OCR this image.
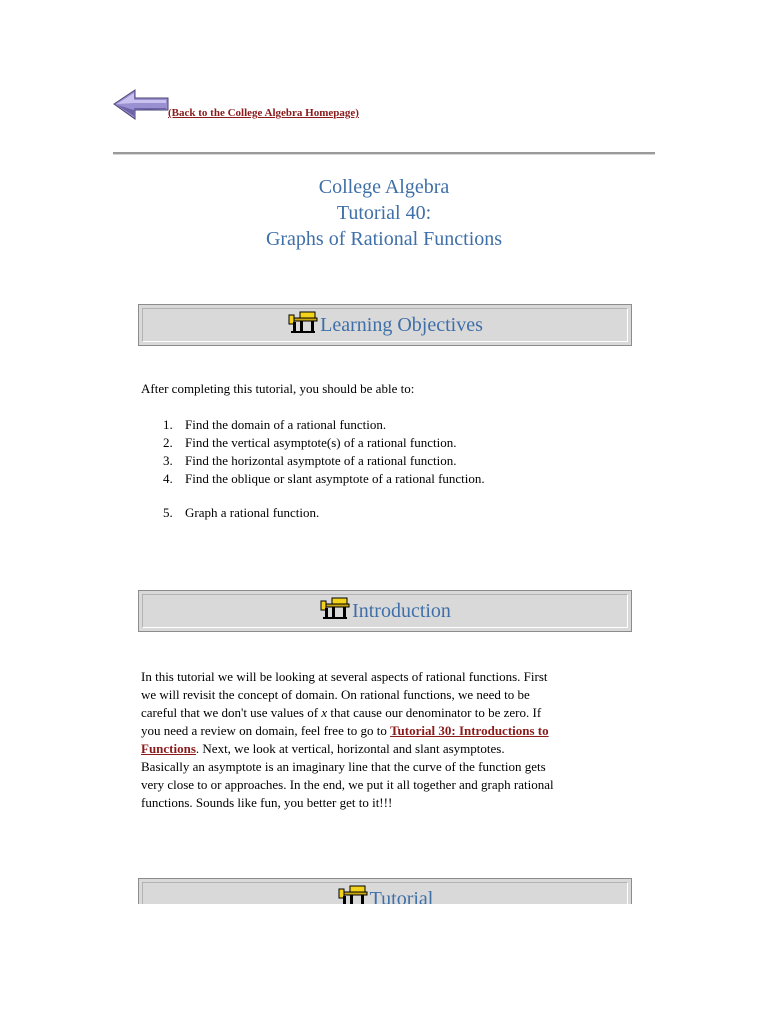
(Back to the College Algebra Homepage)
College Algebra
Tutorial 40:
Graphs of Rational Functions
Learning Objectives
After completing this tutorial, you should be able to:
1. Find the domain of a rational function.
2. Find the vertical asymptote(s) of a rational function.
3. Find the horizontal asymptote of a rational function.
4. Find the oblique or slant asymptote of a rational function.
5. Graph a rational function.
Introduction
In this tutorial we will be looking at several aspects of rational functions. First
we will revisit the concept of domain. On rational functions, we need to be
careful that we don't use values of x that cause our denominator to be zero. If
you need a review on domain, feel free to go to Tutorial 30: Introductions to
Functions. Next, we look at vertical, horizontal and slant asymptotes.
Basically an asymptote is an imaginary line that the curve of the function gets
very close to or approaches. In the end, we put it all together and graph rational
functions. Sounds like fun, you better get to it!!!
Tutorial
